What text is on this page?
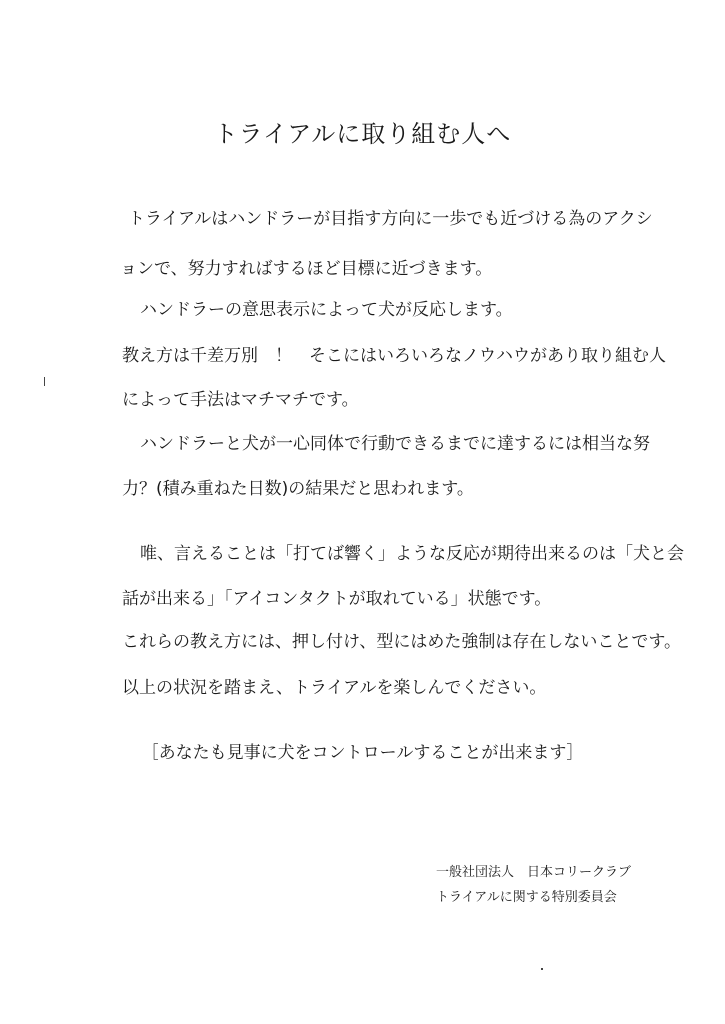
トライアルに取り組む人へ

トライアルはハンドラーが目指す方向に一歩でも近づける為のアクシ

ョンで、努力すればするほど目標に近づきます。

ハンドラーの意思表示によって犬が反応します。

教え方は千差万別　！　そこにはいろいろなノウハウがあり取り組む人

によって手法はマチマチです。

ハンドラーと犬が一心同体で行動できるまでに達するには相当な努

力？(積み重ねた日数)の結果だと思われます。

唯、言えることは「打てば響く」ような反応が期待出来るのは「犬と会

話が出来る」「アイコンタクトが取れている」状態です。

これらの教え方には、押し付け、型にはめた強制は存在しないことです。

以上の状況を踏まえ、トライアルを楽しんでください。

［あなたも見事に犬をコントロールすることが出来ます］

一般社団法人　日本コリークラブ

トライアルに関する特別委員会
